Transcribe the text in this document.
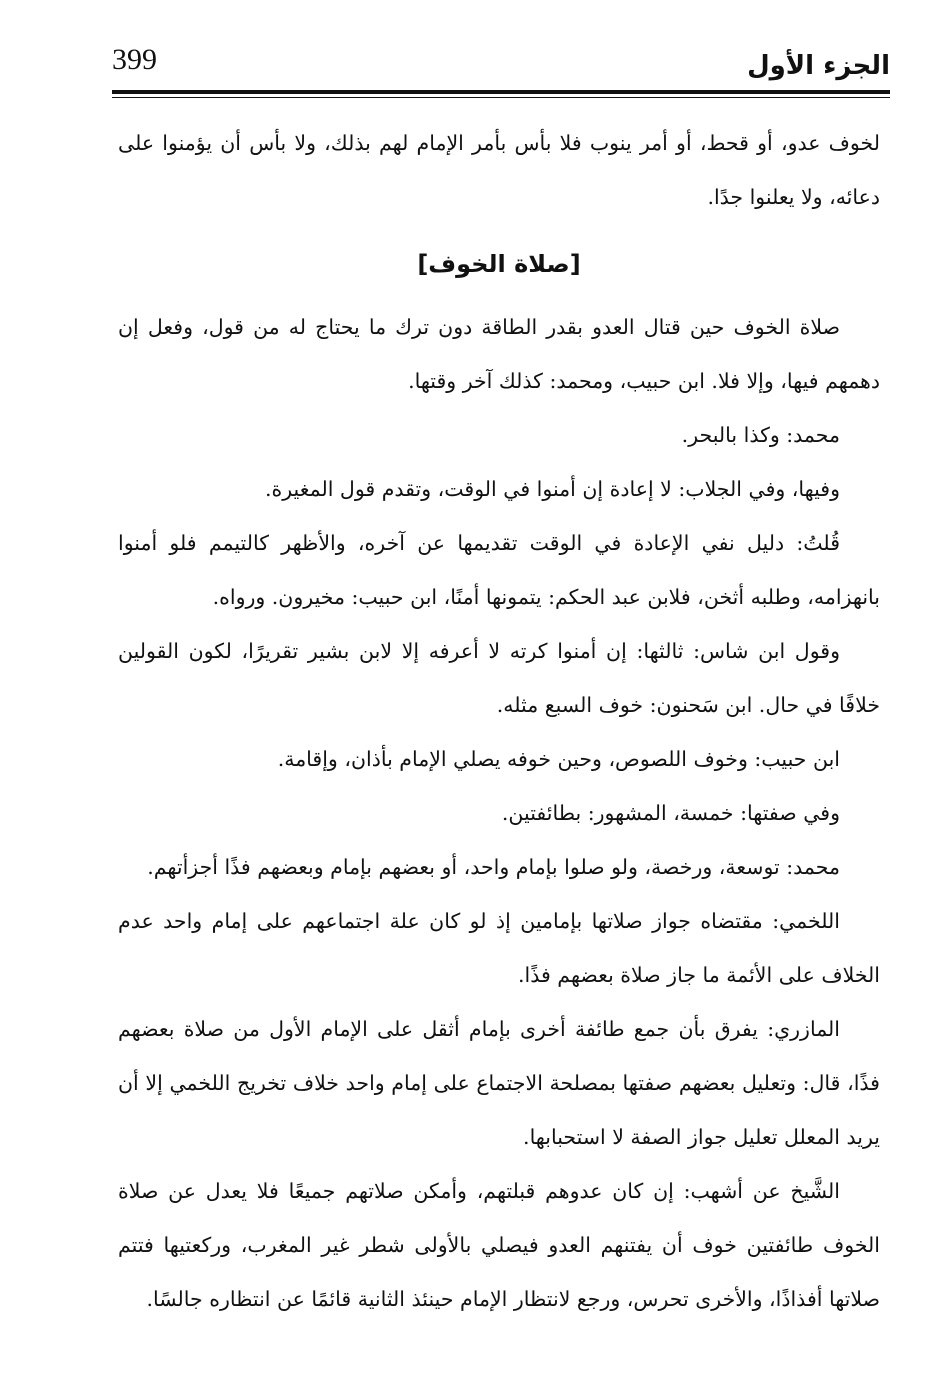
399	الجزء الأول

لخوف عدو، أو قحط، أو أمر ينوب فلا بأس بأمر الإمام لهم بذلك، ولا بأس أن يؤمنوا على دعائه، ولا يعلنوا جدًا.

[صلاة الخوف]

صلاة الخوف حين قتال العدو بقدر الطاقة دون ترك ما يحتاج له من قول، وفعل إن دهمهم فيها، وإلا فلا. ابن حبيب، ومحمد: كذلك آخر وقتها.

محمد: وكذا بالبحر.

وفيها، وفي الجلاب: لا إعادة إن أمنوا في الوقت، وتقدم قول المغيرة.

قُلتُ: دليل نفي الإعادة في الوقت تقديمها عن آخره، والأظهر كالتيمم فلو أمنوا بانهزامه، وطلبه أثخن، فلابن عبد الحكم: يتمونها أمنًا، ابن حبيب: مخيرون. ورواه.

وقول ابن شاس: ثالثها: إن أمنوا كرته لا أعرفه إلا لابن بشير تقريرًا، لكون القولين خلافًا في حال. ابن سَحنون: خوف السبع مثله.

ابن حبيب: وخوف اللصوص، وحين خوفه يصلي الإمام بأذان، وإقامة.

وفي صفتها: خمسة، المشهور: بطائفتين.

محمد: توسعة، ورخصة، ولو صلوا بإمام واحد، أو بعضهم بإمام وبعضهم فذًا أجزأتهم.

اللخمي: مقتضاه جواز صلاتها بإمامين إذ لو كان علة اجتماعهم على إمام واحد عدم الخلاف على الأئمة ما جاز صلاة بعضهم فذًا.

المازري: يفرق بأن جمع طائفة أخرى بإمام أثقل على الإمام الأول من صلاة بعضهم فذًا، قال: وتعليل بعضهم صفتها بمصلحة الاجتماع على إمام واحد خلاف تخريج اللخمي إلا أن يريد المعلل تعليل جواز الصفة لا استحبابها.

الشَّيخ عن أشهب: إن كان عدوهم قبلتهم، وأمكن صلاتهم جميعًا فلا يعدل عن صلاة الخوف طائفتين خوف أن يفتنهم العدو فيصلي بالأولى شطر غير المغرب، وركعتيها فتتم صلاتها أفذاذًا، والأخرى تحرس، ورجع لانتظار الإمام حينئذ الثانية قائمًا عن انتظاره جالسًا.
